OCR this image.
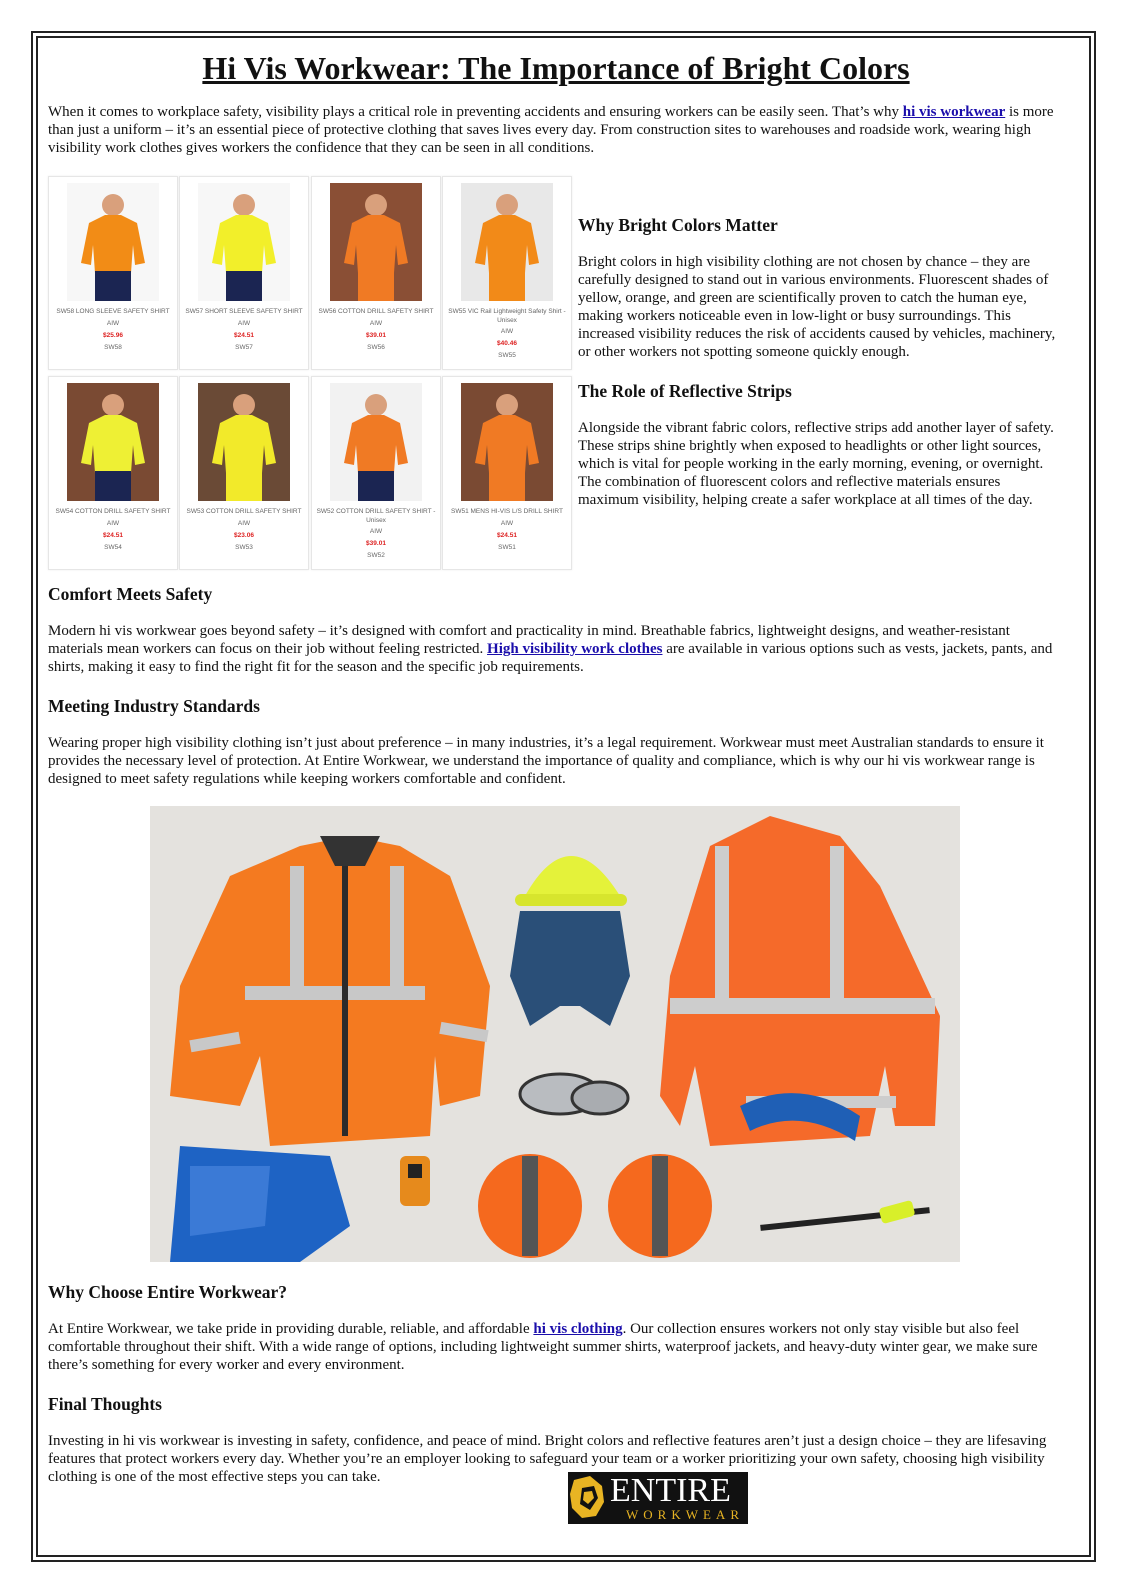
Hi Vis Workwear: The Importance of Bright Colors

When it comes to workplace safety, visibility plays a critical role in preventing accidents and ensuring workers can be easily seen. That’s why hi vis workwear is more than just a uniform – it’s an essential piece of protective clothing that saves lives every day. From construction sites to warehouses and roadside work, wearing high visibility work clothes gives workers the confidence that they can be seen in all conditions.

SW58 LONG SLEEVE SAFETY SHIRT
AIW
$25.96
SW58
SW57 SHORT SLEEVE SAFETY SHIRT
AIW
$24.51
SW57
SW56 COTTON DRILL SAFETY SHIRT
AIW
$39.01
SW56
SW55 VIC Rail Lightweight Safety Shirt - Unisex
AIW
$40.46
SW55
SW54 COTTON DRILL SAFETY SHIRT
AIW
$24.51
SW54
SW53 COTTON DRILL SAFETY SHIRT
AIW
$23.06
SW53
SW52 COTTON DRILL SAFETY SHIRT - Unisex
AIW
$39.01
SW52
SW51 MENS HI-VIS L/S DRILL SHIRT
AIW
$24.51
SW51
Why Bright Colors Matter

Bright colors in high visibility clothing are not chosen by chance – they are carefully designed to stand out in various environments. Fluorescent shades of yellow, orange, and green are scientifically proven to catch the human eye, making workers noticeable even in low-light or busy surroundings. This increased visibility reduces the risk of accidents caused by vehicles, machinery, or other workers not spotting someone quickly enough.

The Role of Reflective Strips

Alongside the vibrant fabric colors, reflective strips add another layer of safety. These strips shine brightly when exposed to headlights or other light sources, which is vital for people working in the early morning, evening, or overnight. The combination of fluorescent colors and reflective materials ensures maximum visibility, helping create a safer workplace at all times of the day.

Comfort Meets Safety

Modern hi vis workwear goes beyond safety – it’s designed with comfort and practicality in mind. Breathable fabrics, lightweight designs, and weather-resistant materials mean workers can focus on their job without feeling restricted. High visibility work clothes are available in various options such as vests, jackets, pants, and shirts, making it easy to find the right fit for the season and the specific job requirements.

Meeting Industry Standards

Wearing proper high visibility clothing isn’t just about preference – in many industries, it’s a legal requirement. Workwear must meet Australian standards to ensure it provides the necessary level of protection. At Entire Workwear, we understand the importance of quality and compliance, which is why our hi vis workwear range is designed to meet safety regulations while keeping workers comfortable and confident.

Why Choose Entire Workwear?

At Entire Workwear, we take pride in providing durable, reliable, and affordable hi vis clothing. Our collection ensures workers not only stay visible but also feel comfortable throughout their shift. With a wide range of options, including lightweight summer shirts, waterproof jackets, and heavy-duty winter gear, we make sure there’s something for every worker and every environment.

Final Thoughts

Investing in hi vis workwear is investing in safety, confidence, and peace of mind. Bright colors and reflective features aren’t just a design choice – they are lifesaving features that protect workers every day. Whether you’re an employer looking to safeguard your team or a worker prioritizing your own safety, choosing high visibility clothing is one of the most effective steps you can take.	ENTIRE
WORKWEAR
